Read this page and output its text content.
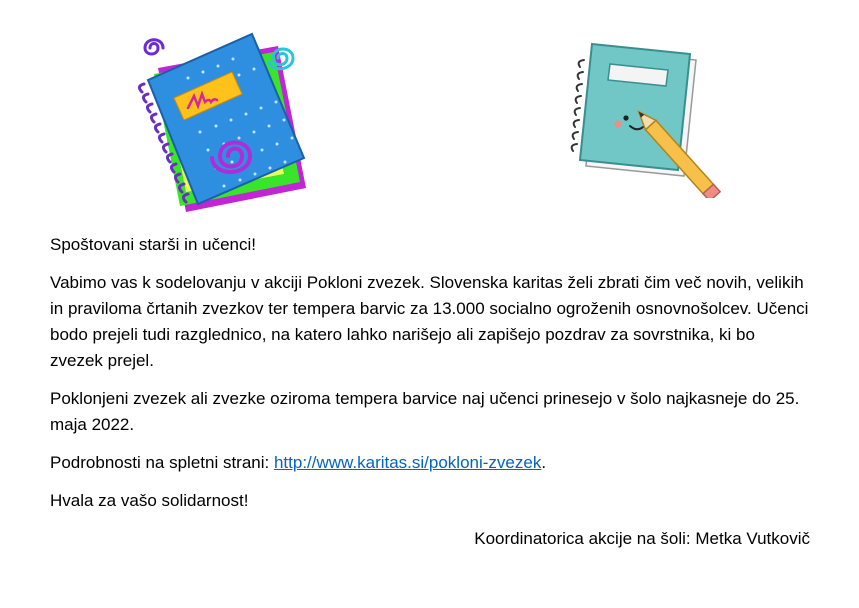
Spoštovani starši in učenci!

Vabimo vas k sodelovanju v akciji Pokloni zvezek. Slovenska karitas želi zbrati čim več novih, velikih in praviloma črtanih zvezkov ter tempera barvic za 13.000 socialno ogroženih osnovnošolcev. Učenci bodo prejeli tudi razglednico, na katero lahko narišejo ali zapišejo pozdrav za sovrstnika, ki bo zvezek prejel.

Poklonjeni zvezek ali zvezke oziroma tempera barvice naj učenci prinesejo v šolo najkasneje do 25. maja 2022.

Podrobnosti na spletni strani: http://www.karitas.si/pokloni-zvezek.

Hvala za vašo solidarnost!

Koordinatorica akcije na šoli: Metka Vutkovič
